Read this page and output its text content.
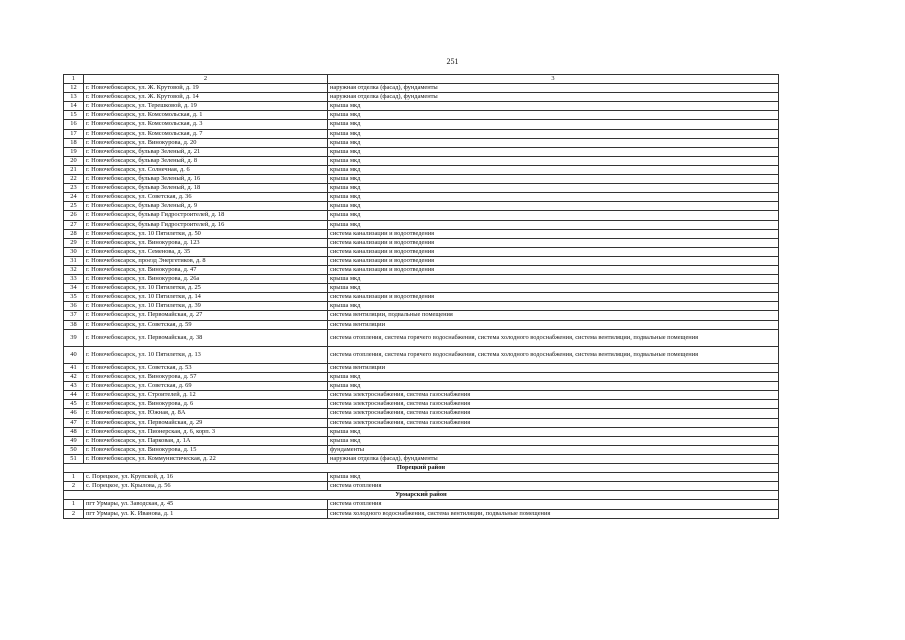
251
1	2	3
12	г. Новочебоксарск, ул. Ж. Крутовой, д. 19	наружная отделка (фасад), фундаменты
13	г. Новочебоксарск, ул. Ж. Крутовой, д. 14	наружная отделка (фасад), фундаменты
14	г. Новочебоксарск, ул. Терешковой, д. 19	крыша мкд
15	г. Новочебоксарск, ул. Комсомольская, д. 1	крыша мкд
16	г. Новочебоксарск, ул. Комсомольская, д. 3	крыша мкд
17	г. Новочебоксарск, ул. Комсомольская, д. 7	крыша мкд
18	г. Новочебоксарск, ул. Винокурова, д. 20	крыша мкд
19	г. Новочебоксарск, бульвар Зеленый, д. 21	крыша мкд
20	г. Новочебоксарск, бульвар Зеленый, д. 8	крыша мкд
21	г. Новочебоксарск, ул. Солнечная, д. 6	крыша мкд
22	г. Новочебоксарск, бульвар Зеленый, д. 16	крыша мкд
23	г. Новочебоксарск, бульвар Зеленый, д. 18	крыша мкд
24	г. Новочебоксарск, ул. Советская, д. 36	крыша мкд
25	г. Новочебоксарск, бульвар Зеленый, д. 9	крыша мкд
26	г. Новочебоксарск, бульвар Гидростроителей, д. 18	крыша мкд
27	г. Новочебоксарск, бульвар Гидростроителей, д. 16	крыша мкд
28	г. Новочебоксарск, ул. 10 Пятилетки, д. 50	система канализации и водоотведения
29	г. Новочебоксарск, ул. Винокурова, д. 123	система канализации и водоотведения
30	г. Новочебоксарск, ул. Семенова, д. 35	система канализации и водоотведения
31	г. Новочебоксарск, проезд Энергетиков, д. 8	система канализации и водоотведения
32	г. Новочебоксарск, ул. Винокурова, д. 47	система канализации и водоотведения
33	г. Новочебоксарск, ул. Винокурова, д. 26а	крыша мкд
34	г. Новочебоксарск, ул. 10 Пятилетки, д. 25	крыша мкд
35	г. Новочебоксарск, ул. 10 Пятилетки, д. 14	система канализации и водоотведения
36	г. Новочебоксарск, ул. 10 Пятилетки, д. 39	крыша мкд
37	г. Новочебоксарск, ул. Первомайская, д. 27	система вентиляции, подвальные помещения
38	г. Новочебоксарск, ул. Советская, д. 59	система вентиляции
39	г. Новочебоксарск, ул. Первомайская, д. 38	система отопления, система горячего водоснабжения, система холодного водоснабжения, система вентиляции, подвальные помещения
40	г. Новочебоксарск, ул. 10 Пятилетки, д. 13	система отопления, система горячего водоснабжения, система холодного водоснабжения, система вентиляции, подвальные помещения
41	г. Новочебоксарск, ул. Советская, д. 53	система вентиляции
42	г. Новочебоксарск, ул. Винокурова, д. 57	крыша мкд
43	г. Новочебоксарск, ул. Советская, д. 69	крыша мкд
44	г. Новочебоксарск, ул. Строителей, д. 12	система электроснабжения, система газоснабжения
45	г. Новочебоксарск, ул. Винокурова, д. 6	система электроснабжения, система газоснабжения
46	г. Новочебоксарск, ул. Южная, д. 8А	система электроснабжения, система газоснабжения
47	г. Новочебоксарск, ул. Первомайская, д. 29	система электроснабжения, система газоснабжения
48	г. Новочебоксарск, ул. Пионерская, д. 6, корп. 3	крыша мкд
49	г. Новочебоксарск, ул. Парковая, д. 1А	крыша мкд
50	г. Новочебоксарск, ул. Винокурова, д. 15	фундаменты
51	г. Новочебоксарск, ул. Коммунистическая, д. 22	наружная отделка (фасад), фундаменты
Порецкий район		
1	с. Порецкое, ул. Крупской, д. 16	крыша мкд
2	с. Порецкое, ул. Крылова, д. 56	система отопления
Урмарский район		
1	пгт Урмары, ул. Заводская, д. 45	система отопления
2	пгт Урмары, ул. К. Иванова, д. 1	система холодного водоснабжения, система вентиляции, подвальные помещения
